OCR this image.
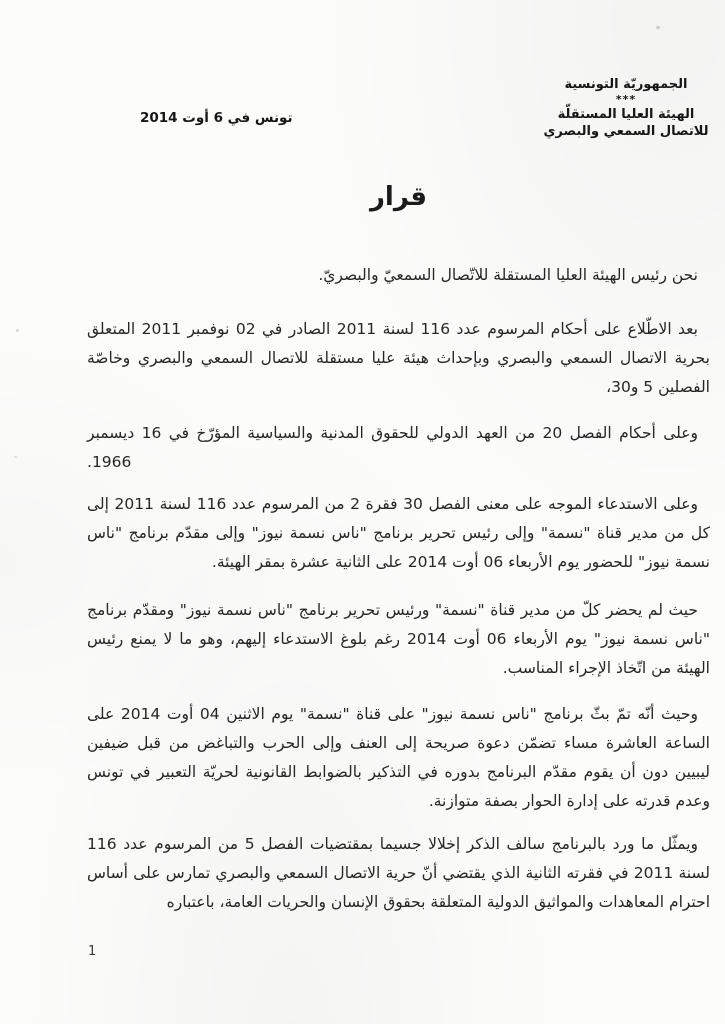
الجمهوريّة التونسية
***
الهيئة العليا المستقلّة
للاتصال السمعي والبصري
تونس في 6 أوت 2014
قرار

نحن رئيس الهيئة العليا المستقلة للاتّصال السمعيّ والبصريّ.

بعد الاطّلاع على أحكام المرسوم عدد 116 لسنة 2011 الصادر في 02 نوفمبر 2011 المتعلق بحرية الاتصال السمعي والبصري وبإحداث هيئة عليا مستقلة للاتصال السمعي والبصري وخاصّة الفصلين 5 و30،

وعلى أحكام الفصل 20 من العهد الدولي للحقوق المدنية والسياسية المؤرّخ في 16 ديسمبر

1966.

وعلى الاستدعاء الموجه على معنى الفصل 30 فقرة 2 من المرسوم عدد 116 لسنة 2011 إلى كل من مدير قناة "نسمة" وإلى رئيس تحرير برنامج "ناس نسمة نيوز" وإلى مقدّم برنامج "ناس نسمة نيوز" للحضور يوم الأربعاء 06 أوت 2014 على الثانية عشرة بمقر الهيئة.

حيث لم يحضر كلّ من مدير قناة "نسمة" ورئيس تحرير برنامج "ناس نسمة نيوز" ومقدّم برنامج "ناس نسمة نيوز" يوم الأربعاء 06 أوت 2014 رغم بلوغ الاستدعاء إليهم، وهو ما لا يمنع رئيس الهيئة من اتّخاذ الإجراء المناسب.

وحيث أنّه تمّ بثّ برنامج "ناس نسمة نيوز" على قناة "نسمة" يوم الاثنين 04 أوت 2014 على الساعة العاشرة مساء تضمّن دعوة صريحة إلى العنف وإلى الحرب والتباغض من قبل ضيفين ليبيين دون أن يقوم مقدّم البرنامج بدوره في التذكير بالضوابط القانونية لحريّة التعبير في تونس وعدم قدرته على إدارة الحوار بصفة متوازنة.

ويمثّل ما ورد بالبرنامج سالف الذكر إخلالا جسيما بمقتضيات الفصل 5 من المرسوم عدد 116 لسنة 2011 في فقرته الثانية الذي يقتضي أنّ حرية الاتصال السمعي والبصري تمارس على أساس احترام المعاهدات والمواثيق الدولية المتعلقة بحقوق الإنسان والحريات العامة، باعتباره

1
